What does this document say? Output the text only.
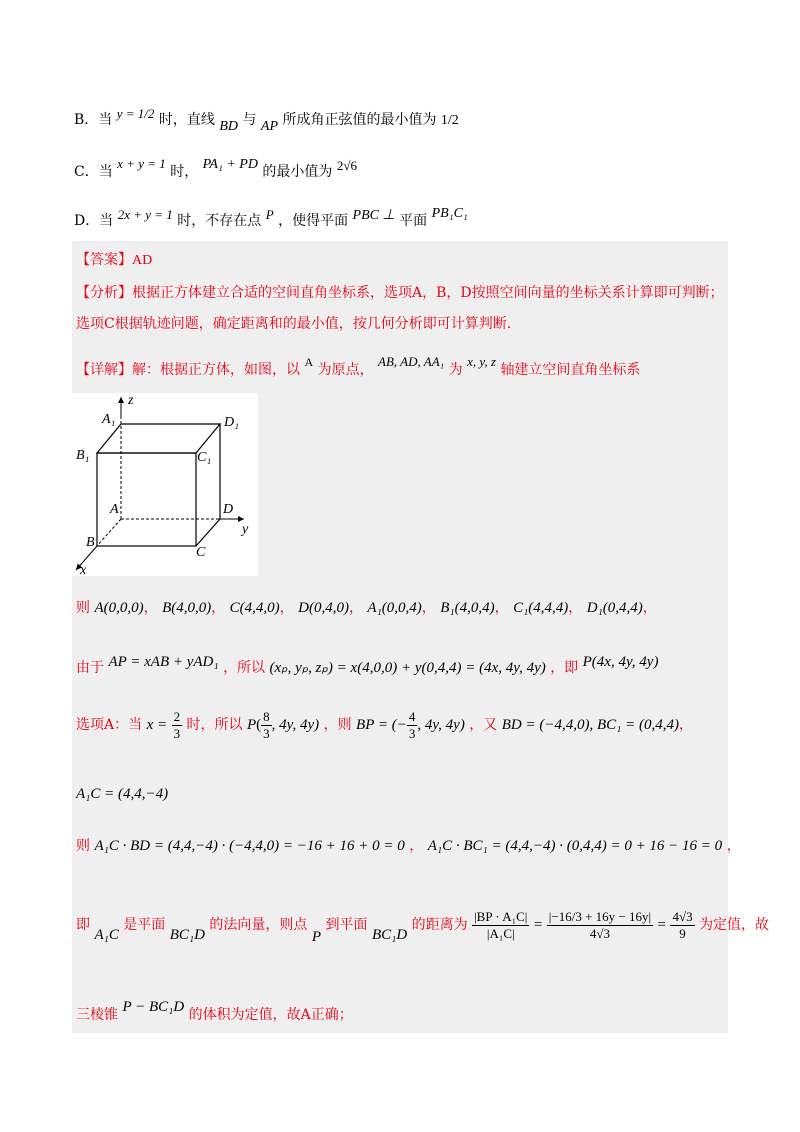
B．当 y = 1/2 时，直线 BD 与 AP 所成角正弦值的最小值为 1/2
C．当 x + y = 1 时， PA₁ + PD 的最小值为 2√6
D．当 2x + y = 1 时，不存在点 P ，使得平面 PBC ⊥ 平面 PB₁C₁
【答案】AD
【分析】根据正方体建立合适的空间直角坐标系，选项A，B，D按照空间向量的坐标关系计算即可判断；
选项C根据轨迹问题，确定距离和的最小值，按几何分析即可计算判断.
【详解】解：根据正方体，如图，以 A 为原点， AB, AD, AA₁ 为 x, y, z 轴建立空间直角坐标系
z
y
x
A₁	D₁
B₁	C₁
A	D
B
C
则 A(0,0,0)， B(4,0,0)， C(4,4,0)， D(0,4,0)， A₁(0,0,4)， B₁(4,0,4)， C₁(4,4,4)， D₁(0,4,4)，
由于 AP = xAB + yAD₁ ，所以 (xₚ, yₚ, zₚ) = x(4,0,0) + y(0,4,4) = (4x, 4y, 4y) ，即 P(4x, 4y, 4y)
选项A：当 $x = \frac{2}{3}$ 时，所以 $P( \frac{8}{3}$ , 4y, 4y) ，则 BP = (− $\frac{4}{3}$ , 4y, 4y) ，又 BD = (−4,4,0), BC₁ = (0,4,4)，
A₁C = (4,4,−4)
则 A₁C · BD = (4,4,−4) · (−4,4,0) = −16 + 16 + 0 = 0 ， A₁C · BC₁ = (4,4,−4) · (0,4,4) = 0 + 16 − 16 = 0 ，
即 A₁C 是平面 BC₁D 的法向量，则点 P 到平面 BC₁D 的距离为 $\frac{\text{|BP · A₁C|}}{\text{|A₁C|}} = \frac{|-16/3 + 16y - 16y|}{4√3} = \frac{4√3}{9}$ 为定值，故
三棱锥 P − BC₁D 的体积为定值，故A正确；
